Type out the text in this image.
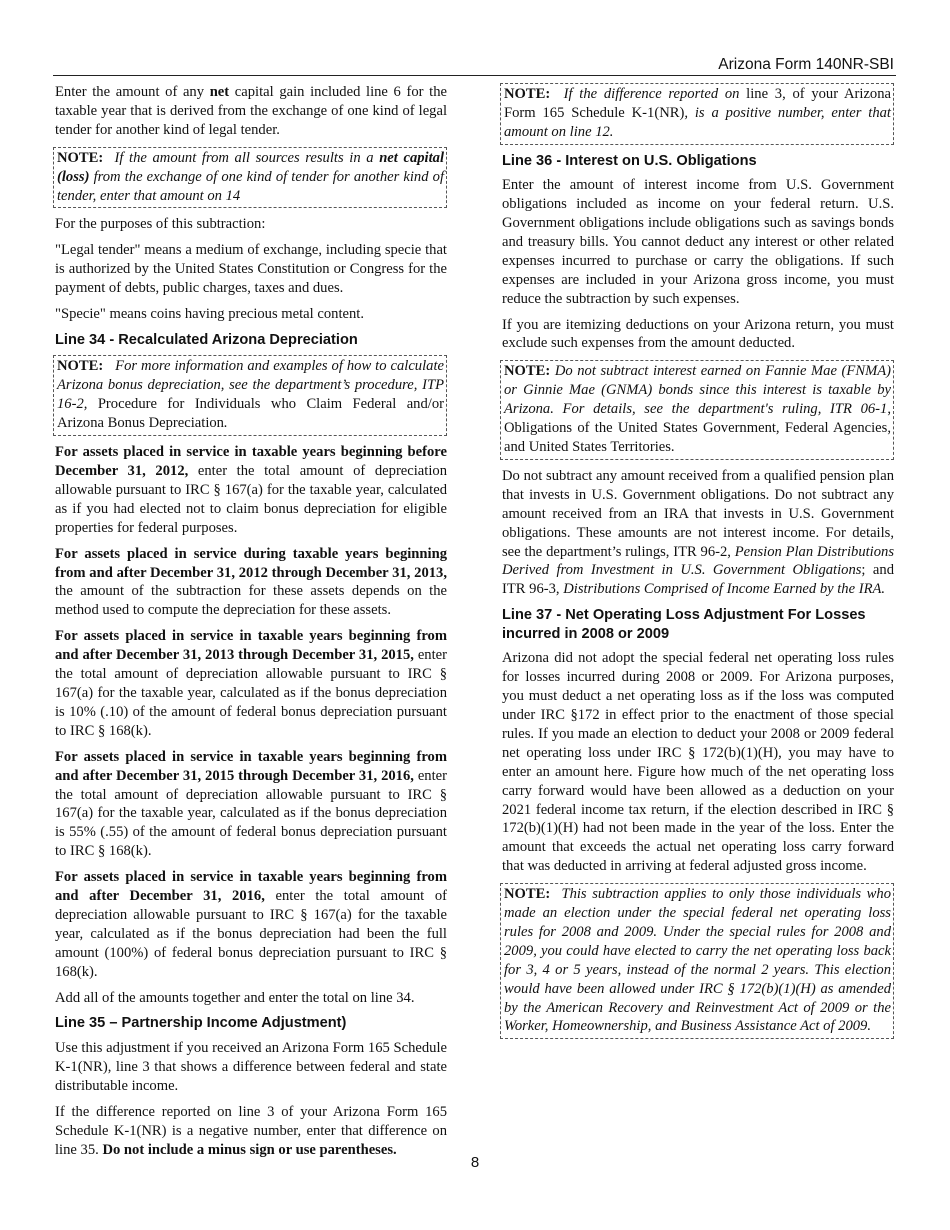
Arizona Form 140NR-SBI

Enter the amount of any net capital gain included line 6 for the taxable year that is derived from the exchange of one kind of legal tender for another kind of legal tender.

NOTE: If the amount from all sources results in a net capital (loss) from the exchange of one kind of tender for another kind of tender, enter that amount on 14

For the purposes of this subtraction:

"Legal tender" means a medium of exchange, including specie that is authorized by the United States Constitution or Congress for the payment of debts, public charges, taxes and dues.

"Specie" means coins having precious metal content.

Line 34 - Recalculated Arizona Depreciation
NOTE: For more information and examples of how to calculate Arizona bonus depreciation, see the department’s procedure, ITP 16-2, Procedure for Individuals who Claim Federal and/or Arizona Bonus Depreciation.

For assets placed in service in taxable years beginning before December 31, 2012, enter the total amount of depreciation allowable pursuant to IRC § 167(a) for the taxable year, calculated as if you had elected not to claim bonus depreciation for eligible properties for federal purposes.

For assets placed in service during taxable years beginning from and after December 31, 2012 through December 31, 2013, the amount of the subtraction for these assets depends on the method used to compute the depreciation for these assets.

For assets placed in service in taxable years beginning from and after December 31, 2013 through December 31, 2015, enter the total amount of depreciation allowable pursuant to IRC § 167(a) for the taxable year, calculated as if the bonus depreciation is 10% (.10) of the amount of federal bonus depreciation pursuant to IRC § 168(k).

For assets placed in service in taxable years beginning from and after December 31, 2015 through December 31, 2016, enter the total amount of depreciation allowable pursuant to IRC § 167(a) for the taxable year, calculated as if the bonus depreciation is 55% (.55) of the amount of federal bonus depreciation pursuant to IRC § 168(k).

For assets placed in service in taxable years beginning from and after December 31, 2016, enter the total amount of depreciation allowable pursuant to IRC § 167(a) for the taxable year, calculated as if the bonus depreciation had been the full amount (100%) of federal bonus depreciation pursuant to IRC § 168(k).

Add all of the amounts together and enter the total on line 34.

Line 35 – Partnership Income Adjustment)

Use this adjustment if you received an Arizona Form 165 Schedule K-1(NR), line 3 that shows a difference between federal and state distributable income.

If the difference reported on line 3 of your Arizona Form 165 Schedule K-1(NR) is a negative number, enter that difference on line 35. Do not include a minus sign or use parentheses.

NOTE: If the difference reported on line 3, of your Arizona Form 165 Schedule K-1(NR), is a positive number, enter that amount on line 12.
Line 36 - Interest on U.S. Obligations

Enter the amount of interest income from U.S. Government obligations included as income on your federal return. U.S. Government obligations include obligations such as savings bonds and treasury bills. You cannot deduct any interest or other related expenses incurred to purchase or carry the obligations. If such expenses are included in your Arizona gross income, you must reduce the subtraction by such expenses.

If you are itemizing deductions on your Arizona return, you must exclude such expenses from the amount deducted.

NOTE: Do not subtract interest earned on Fannie Mae (FNMA) or Ginnie Mae (GNMA) bonds since this interest is taxable by Arizona. For details, see the department's ruling, ITR 06-1, Obligations of the United States Government, Federal Agencies, and United States Territories.

Do not subtract any amount received from a qualified pension plan that invests in U.S. Government obligations. Do not subtract any amount received from an IRA that invests in U.S. Government obligations. These amounts are not interest income. For details, see the department’s rulings, ITR 96-2, Pension Plan Distributions Derived from Investment in U.S. Government Obligations; and ITR 96-3, Distributions Comprised of Income Earned by the IRA.

Line 37 - Net Operating Loss Adjustment For Losses incurred in 2008 or 2009

Arizona did not adopt the special federal net operating loss rules for losses incurred during 2008 or 2009. For Arizona purposes, you must deduct a net operating loss as if the loss was computed under IRC §172 in effect prior to the enactment of those special rules. If you made an election to deduct your 2008 or 2009 federal net operating loss under IRC § 172(b)(1)(H), you may have to enter an amount here. Figure how much of the net operating loss carry forward would have been allowed as a deduction on your 2021 federal income tax return, if the election described in IRC § 172(b)(1)(H) had not been made in the year of the loss. Enter the amount that exceeds the actual net operating loss carry forward that was deducted in arriving at federal adjusted gross income.

NOTE: This subtraction applies to only those individuals who made an election under the special federal net operating loss rules for 2008 and 2009. Under the special rules for 2008 and 2009, you could have elected to carry the net operating loss back for 3, 4 or 5 years, instead of the normal 2 years. This election would have been allowed under IRC § 172(b)(1)(H) as amended by the American Recovery and Reinvestment Act of 2009 or the Worker, Homeownership, and Business Assistance Act of 2009.
8
